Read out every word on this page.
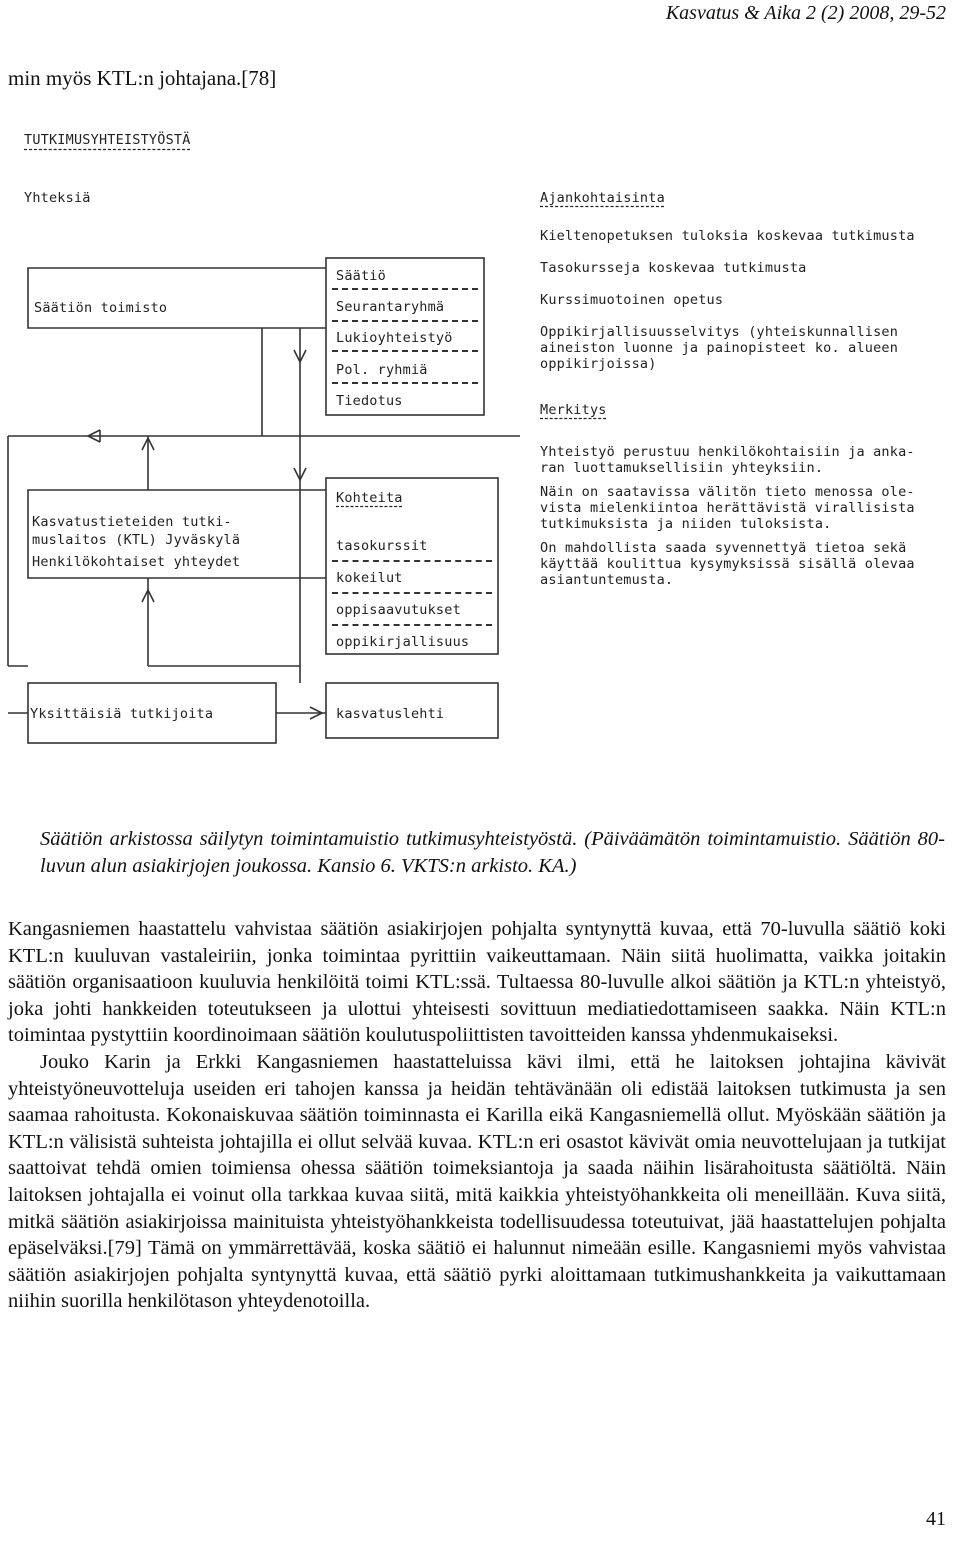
Kasvatus & Aika 2 (2) 2008, 29-52
min myös KTL:n johtajana.[78]
TUTKIMUSYHTEISTYÖSTÄ
Yhteksiä
Säätiön toimisto
Säätiö
Seurantaryhmä
Lukioyhteistyö
Pol. ryhmiä
Tiedotus
Kasvatustieteiden tutki-
muslaitos (KTL) Jyväskylä
Henkilökohtaiset yhteydet
Kohteita
tasokurssit
kokeilut
oppisaavutukset
oppikirjallisuus
Yksittäisiä tutkijoita	kasvatuslehti
Ajankohtaisinta
Kieltenopetuksen tuloksia koskevaa tutkimusta
Tasokursseja koskevaa tutkimusta
Kurssimuotoinen opetus
Oppikirjallisuusselvitys (yhteiskunnallisen
aineiston luonne ja painopisteet ko. alueen
oppikirjoissa)
Merkitys
Yhteistyö perustuu henkilökohtaisiin ja anka-
ran luottamuksellisiin yhteyksiin.
Näin on saatavissa välitön tieto menossa ole-
vista mielenkiintoa herättävistä virallisista
tutkimuksista ja niiden tuloksista.
On mahdollista saada syvennettyä tietoa sekä
käyttää koulittua kysymyksissä sisällä olevaa
asiantuntemusta.
Säätiön arkistossa säilytyn toimintamuistio tutkimusyhteistyöstä. (Päiväämätön toimintamuistio. Säätiön 80-luvun alun asiakirjojen joukossa. Kansio 6. VKTS:n arkisto. KA.)

Kangasniemen haastattelu vahvistaa säätiön asiakirjojen pohjalta syntynyttä kuvaa, että 70-luvulla säätiö koki KTL:n kuuluvan vastaleiriin, jonka toimintaa pyrittiin vaikeuttamaan. Näin siitä huolimatta, vaikka joitakin säätiön organisaatioon kuuluvia henkilöitä toimi KTL:ssä. Tultaessa 80-luvulle alkoi säätiön ja KTL:n yhteistyö, joka johti hankkeiden toteutukseen ja ulottui yhteisesti sovittuun mediatiedottamiseen saakka. Näin KTL:n toimintaa pystyttiin koordinoimaan säätiön koulutuspoliittisten tavoitteiden kanssa yhdenmukaiseksi.

Jouko Karin ja Erkki Kangasniemen haastatteluissa kävi ilmi, että he laitoksen johtajina kävivät yhteistyöneuvotteluja useiden eri tahojen kanssa ja heidän tehtävänään oli edistää laitoksen tutkimusta ja sen saamaa rahoitusta. Kokonaiskuvaa säätiön toiminnasta ei Karilla eikä Kangasniemellä ollut. Myöskään säätiön ja KTL:n välisistä suhteista johtajilla ei ollut selvää kuvaa. KTL:n eri osastot kävivät omia neuvottelujaan ja tutkijat saattoivat tehdä omien toimiensa ohessa säätiön toimeksiantoja ja saada näihin lisärahoitusta säätiöltä. Näin laitoksen johtajalla ei voinut olla tarkkaa kuvaa siitä, mitä kaikkia yhteistyöhankkeita oli meneillään. Kuva siitä, mitkä säätiön asiakirjoissa mainituista yhteistyöhankkeista todellisuudessa toteutuivat, jää haastattelujen pohjalta epäselväksi.[79] Tämä on ymmärrettävää, koska säätiö ei halunnut nimeään esille. Kangasniemi myös vahvistaa säätiön asiakirjojen pohjalta syntynyttä kuvaa, että säätiö pyrki aloittamaan tutkimushankkeita ja vaikuttamaan niihin suorilla henkilötason yhteydenotoilla.

41
